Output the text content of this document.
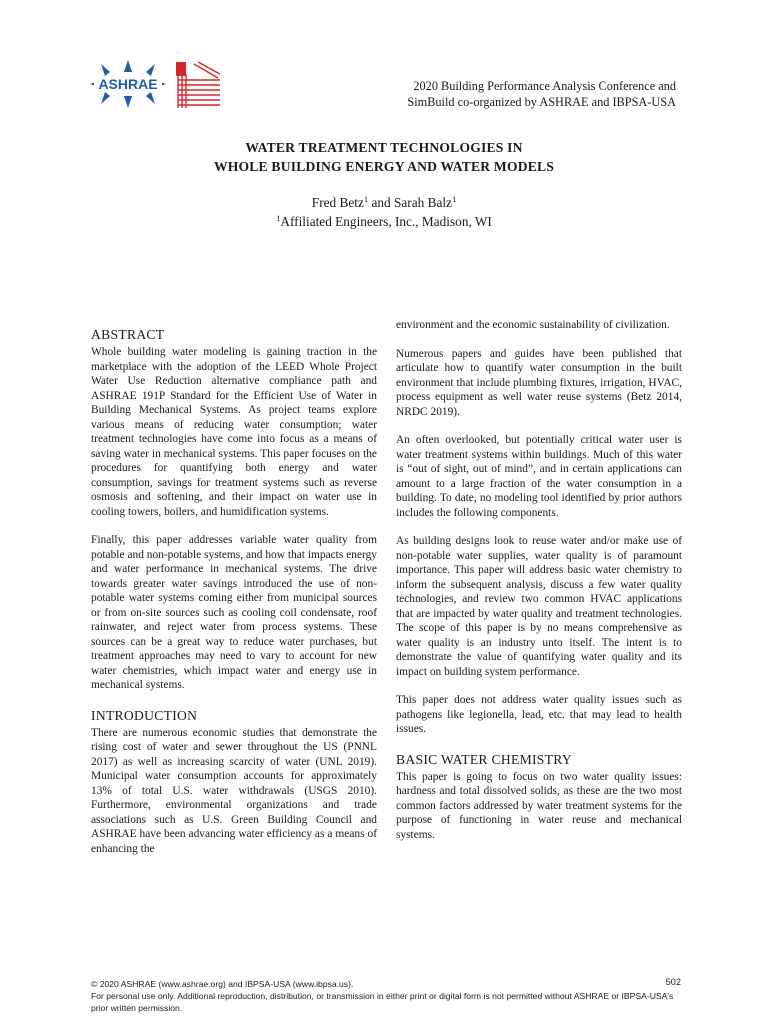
ASHRAE	2020 Building Performance Analysis Conference and
SimBuild co-organized by ASHRAE and IBPSA-USA
WATER TREATMENT TECHNOLOGIES IN
WHOLE BUILDING ENERGY AND WATER MODELS
Fred Betz$^1$ and Sarah Balz$^1$
$^1$Affiliated Engineers, Inc., Madison, WI
ABSTRACT

Whole building water modeling is gaining traction in the marketplace with the adoption of the LEED Whole Project Water Use Reduction alternative compliance path and ASHRAE 191P Standard for the Efficient Use of Water in Building Mechanical Systems. As project teams explore various means of reducing water consumption; water treatment technologies have come into focus as a means of saving water in mechanical systems. This paper focuses on the procedures for quantifying both energy and water consumption, savings for treatment systems such as reverse osmosis and softening, and their impact on water use in cooling towers, boilers, and humidification systems.

Finally, this paper addresses variable water quality from potable and non-potable systems, and how that impacts energy and water performance in mechanical systems. The drive towards greater water savings introduced the use of non-potable water systems coming either from municipal sources or from on-site sources such as cooling coil condensate, roof rainwater, and reject water from process systems. These sources can be a great way to reduce water purchases, but treatment approaches may need to vary to account for new water chemistries, which impact water and energy use in mechanical systems.

INTRODUCTION

There are numerous economic studies that demonstrate the rising cost of water and sewer throughout the US (PNNL 2017) as well as increasing scarcity of water (UNL 2019). Municipal water consumption accounts for approximately 13% of total U.S. water withdrawals (USGS 2010). Furthermore, environmental organizations and trade associations such as U.S. Green Building Council and ASHRAE have been advancing water efficiency as a means of enhancing the

environment and the economic sustainability of civilization.

Numerous papers and guides have been published that articulate how to quantify water consumption in the built environment that include plumbing fixtures, irrigation, HVAC, process equipment as well water reuse systems (Betz 2014, NRDC 2019).

An often overlooked, but potentially critical water user is water treatment systems within buildings. Much of this water is “out of sight, out of mind”, and in certain applications can amount to a large fraction of the water consumption in a building. To date, no modeling tool identified by prior authors includes the following components.

As building designs look to reuse water and/or make use of non-potable water supplies, water quality is of paramount importance. This paper will address basic water chemistry to inform the subsequent analysis, discuss a few water quality technologies, and review two common HVAC applications that are impacted by water quality and treatment technologies. The scope of this paper is by no means comprehensive as water quality is an industry unto itself. The intent is to demonstrate the value of quantifying water quality and its impact on building system performance.

This paper does not address water quality issues such as pathogens like legionella, lead, etc. that may lead to health issues.

BASIC WATER CHEMISTRY

This paper is going to focus on two water quality issues: hardness and total dissolved solids, as these are the two most common factors addressed by water treatment systems for the purpose of functioning in water reuse and mechanical systems.

© 2020 ASHRAE (www.ashrae.org) and IBPSA-USA (www.ibpsa.us).
For personal use only. Additional reproduction, distribution, or transmission in either print or digital form is not permitted without ASHRAE or IBPSA-USA's prior written permission.
502
